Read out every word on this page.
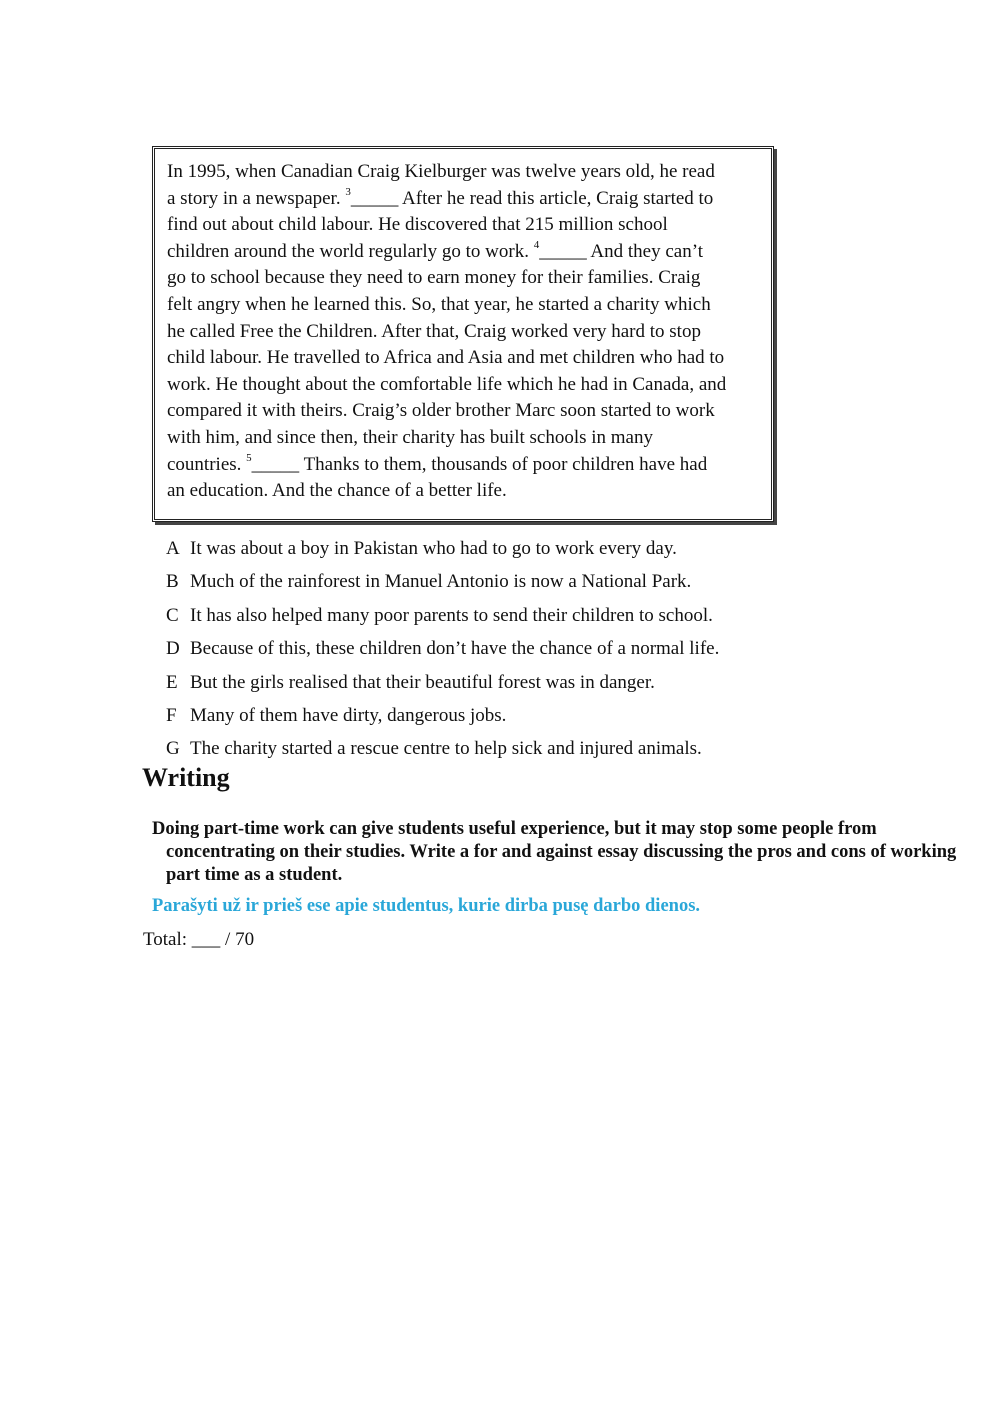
In 1995, when Canadian Craig Kielburger was twelve years old, he read
a story in a newspaper. $^3$_____ After he read this article, Craig started to
find out about child labour. He discovered that 215 million school
children around the world regularly go to work. $^4$_____ And they can’t
go to school because they need to earn money for their families. Craig
felt angry when he learned this. So, that year, he started a charity which
he called Free the Children. After that, Craig worked very hard to stop
child labour. He travelled to Africa and Asia and met children who had to
work. He thought about the comfortable life which he had in Canada, and
compared it with theirs. Craig’s older brother Marc soon started to work
with him, and since then, their charity has built schools in many
countries. $^5$_____ Thanks to them, thousands of poor children have had
an education. And the chance of a better life.

A It was about a boy in Pakistan who had to go to work every day.
B Much of the rainforest in Manuel Antonio is now a National Park.
C It has also helped many poor parents to send their children to school.
D Because of this, these children don’t have the chance of a normal life.
E But the girls realised that their beautiful forest was in danger.
F Many of them have dirty, dangerous jobs.
G The charity started a rescue centre to help sick and injured animals.
Writing

Doing part-time work can give students useful experience, but it may stop some people from concentrating on their studies. Write a for and against essay discussing the pros and cons of working part time as a student.

Parašyti už ir prieš ese apie studentus, kurie dirba pusę darbo dienos.

Total: ___ / 70
